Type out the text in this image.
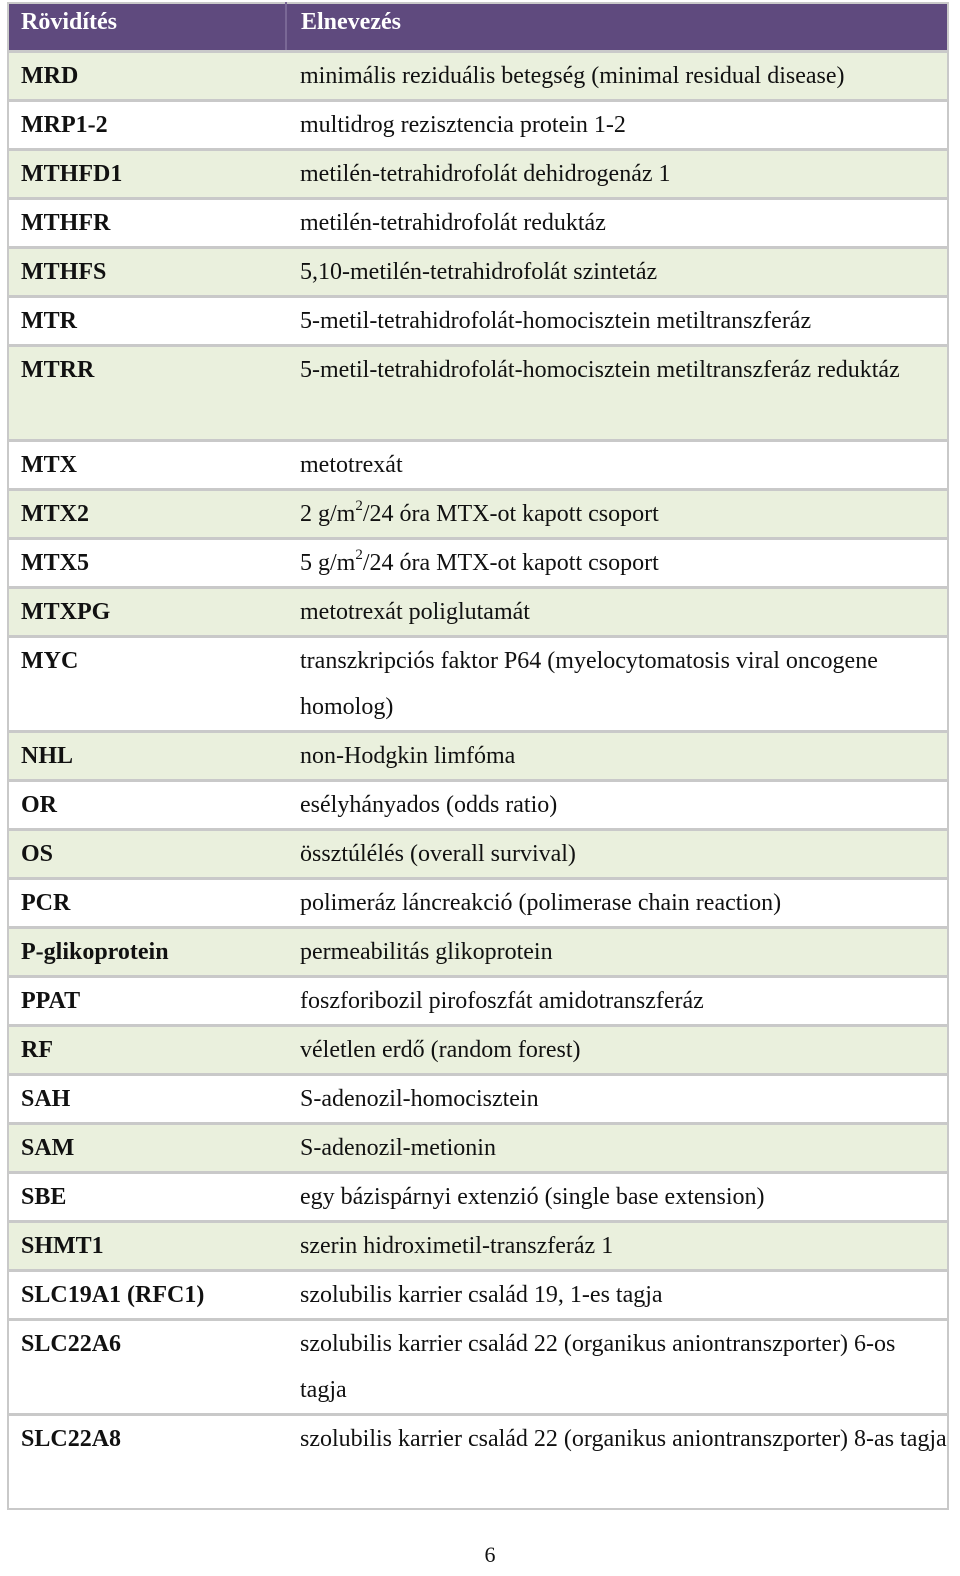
Rövidítés	Elnevezés
MRD	minimális reziduális betegség (minimal residual disease)
MRP1-2	multidrog rezisztencia protein 1-2
MTHFD1	metilén-tetrahidrofolát dehidrogenáz 1
MTHFR	metilén-tetrahidrofolát reduktáz
MTHFS	5,10-metilén-tetrahidrofolát szintetáz
MTR	5-metil-tetrahidrofolát-homocisztein metiltranszferáz
MTRR	5-metil-tetrahidrofolát-homocisztein metiltranszferáz reduktáz
MTX	metotrexát
MTX2	2 $g/m^2/24$ óra MTX-ot kapott csoport
MTX5	5 $g/m^2/24$ óra MTX-ot kapott csoport
MTXPG	metotrexát poliglutamát
MYC	transzkripciós faktor P64 (myelocytomatosis viral oncogene homolog)
NHL	non-Hodgkin limfóma
OR	esélyhányados (odds ratio)
OS	össztúlélés (overall survival)
PCR	polimeráz láncreakció (polimerase chain reaction)
P-glikoprotein	permeabilitás glikoprotein
PPAT	foszforibozil pirofoszfát amidotranszferáz
RF	véletlen erdő (random forest)
SAH	S-adenozil-homocisztein
SAM	S-adenozil-metionin
SBE	egy bázispárnyi extenzió (single base extension)
SHMT1	szerin hidroximetil-transzferáz 1
SLC19A1 (RFC1)	szolubilis karrier család 19, 1-es tagja
SLC22A6	szolubilis karrier család 22 (organikus aniontranszporter) 6-os tagja
SLC22A8	szolubilis karrier család 22 (organikus aniontranszporter) 8-as tagja
6
